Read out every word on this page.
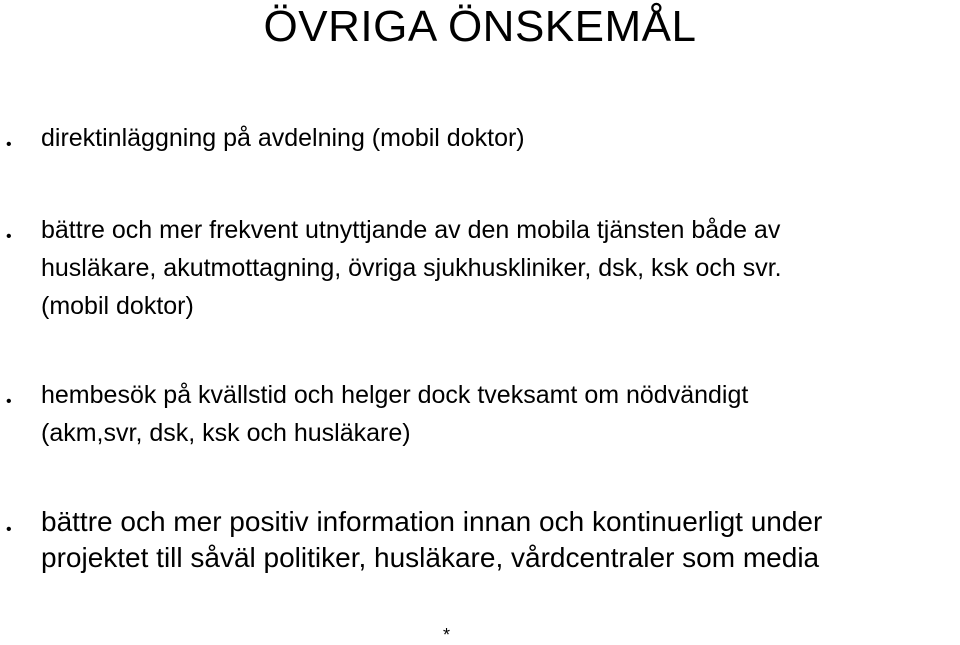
ÖVRIGA ÖNSKEMÅL
• direktinläggning på avdelning (mobil doktor)
• bättre och mer frekvent utnyttjande av den mobila tjänsten både av
husläkare, akutmottagning, övriga sjukhuskliniker, dsk, ksk och svr.
(mobil doktor)
• hembesök på kvällstid och helger dock tveksamt om nödvändigt
(akm,svr, dsk, ksk och husläkare)
• bättre och mer positiv information innan och kontinuerligt under
projektet till såväl politiker, husläkare, vårdcentraler som media
*
